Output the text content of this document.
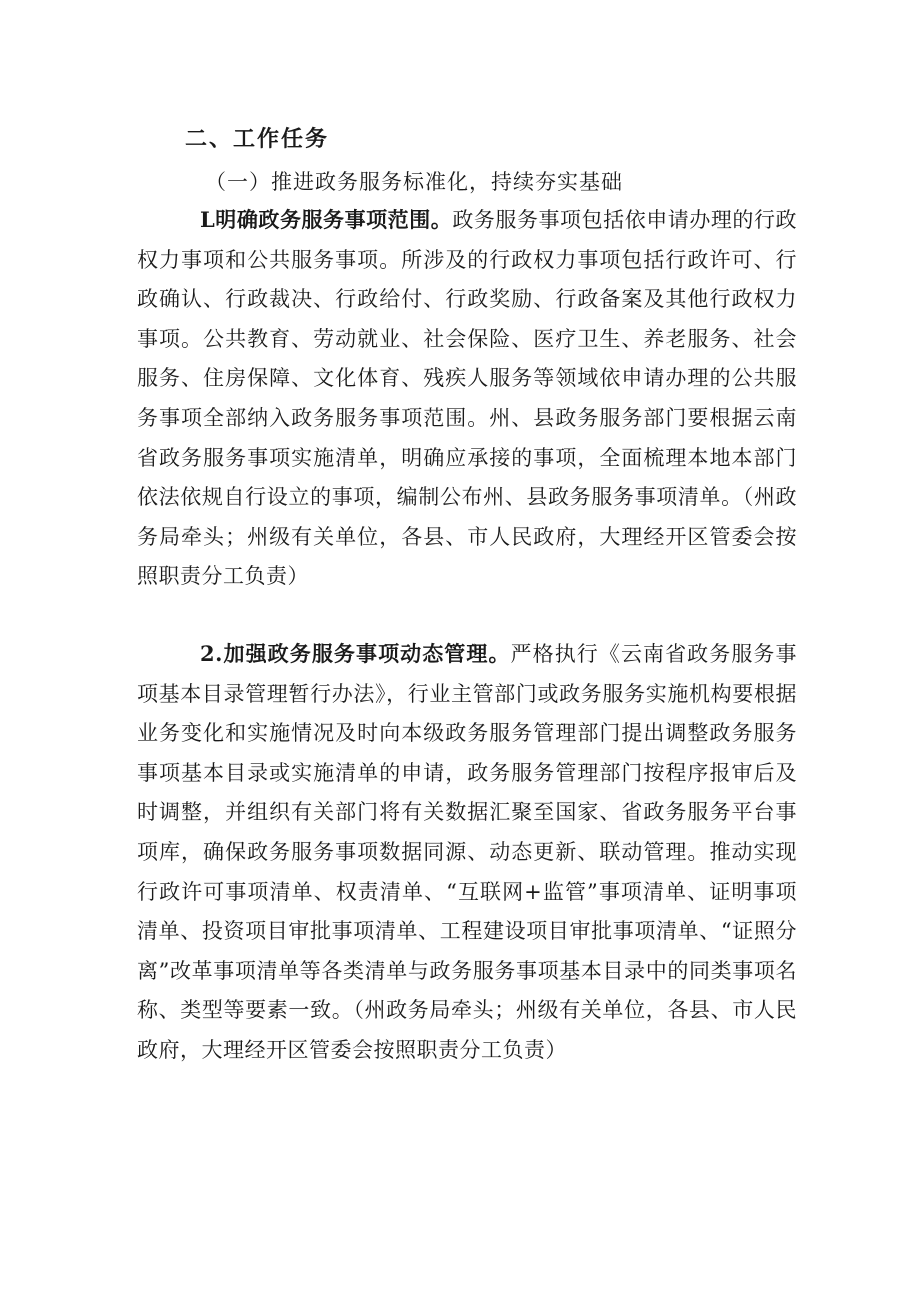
二、工作任务
（一）推进政务服务标准化，持续夯实基础

L明确政务服务事项范围。政务服务事项包括依申请办理的行政权力事项和公共服务事项。所涉及的行政权力事项包括行政许可、行政确认、行政裁决、行政给付、行政奖励、行政备案及其他行政权力事项。公共教育、劳动就业、社会保险、医疗卫生、养老服务、社会服务、住房保障、文化体育、残疾人服务等领域依申请办理的公共服务事项全部纳入政务服务事项范围。州、县政务服务部门要根据云南省政务服务事项实施清单，明确应承接的事项，全面梳理本地本部门依法依规自行设立的事项，编制公布州、县政务服务事项清单。（州政务局牵头；州级有关单位，各县、市人民政府，大理经开区管委会按照职责分工负责）

2.加强政务服务事项动态管理。严格执行《云南省政务服务事项基本目录管理暂行办法》，行业主管部门或政务服务实施机构要根据业务变化和实施情况及时向本级政务服务管理部门提出调整政务服务事项基本目录或实施清单的申请，政务服务管理部门按程序报审后及时调整，并组织有关部门将有关数据汇聚至国家、省政务服务平台事项库，确保政务服务事项数据同源、动态更新、联动管理。推动实现行政许可事项清单、权责清单、“互联网+监管”事项清单、证明事项清单、投资项目审批事项清单、工程建设项目审批事项清单、“证照分离”改革事项清单等各类清单与政务服务事项基本目录中的同类事项名称、类型等要素一致。（州政务局牵头；州级有关单位，各县、市人民政府，大理经开区管委会按照职责分工负责）
